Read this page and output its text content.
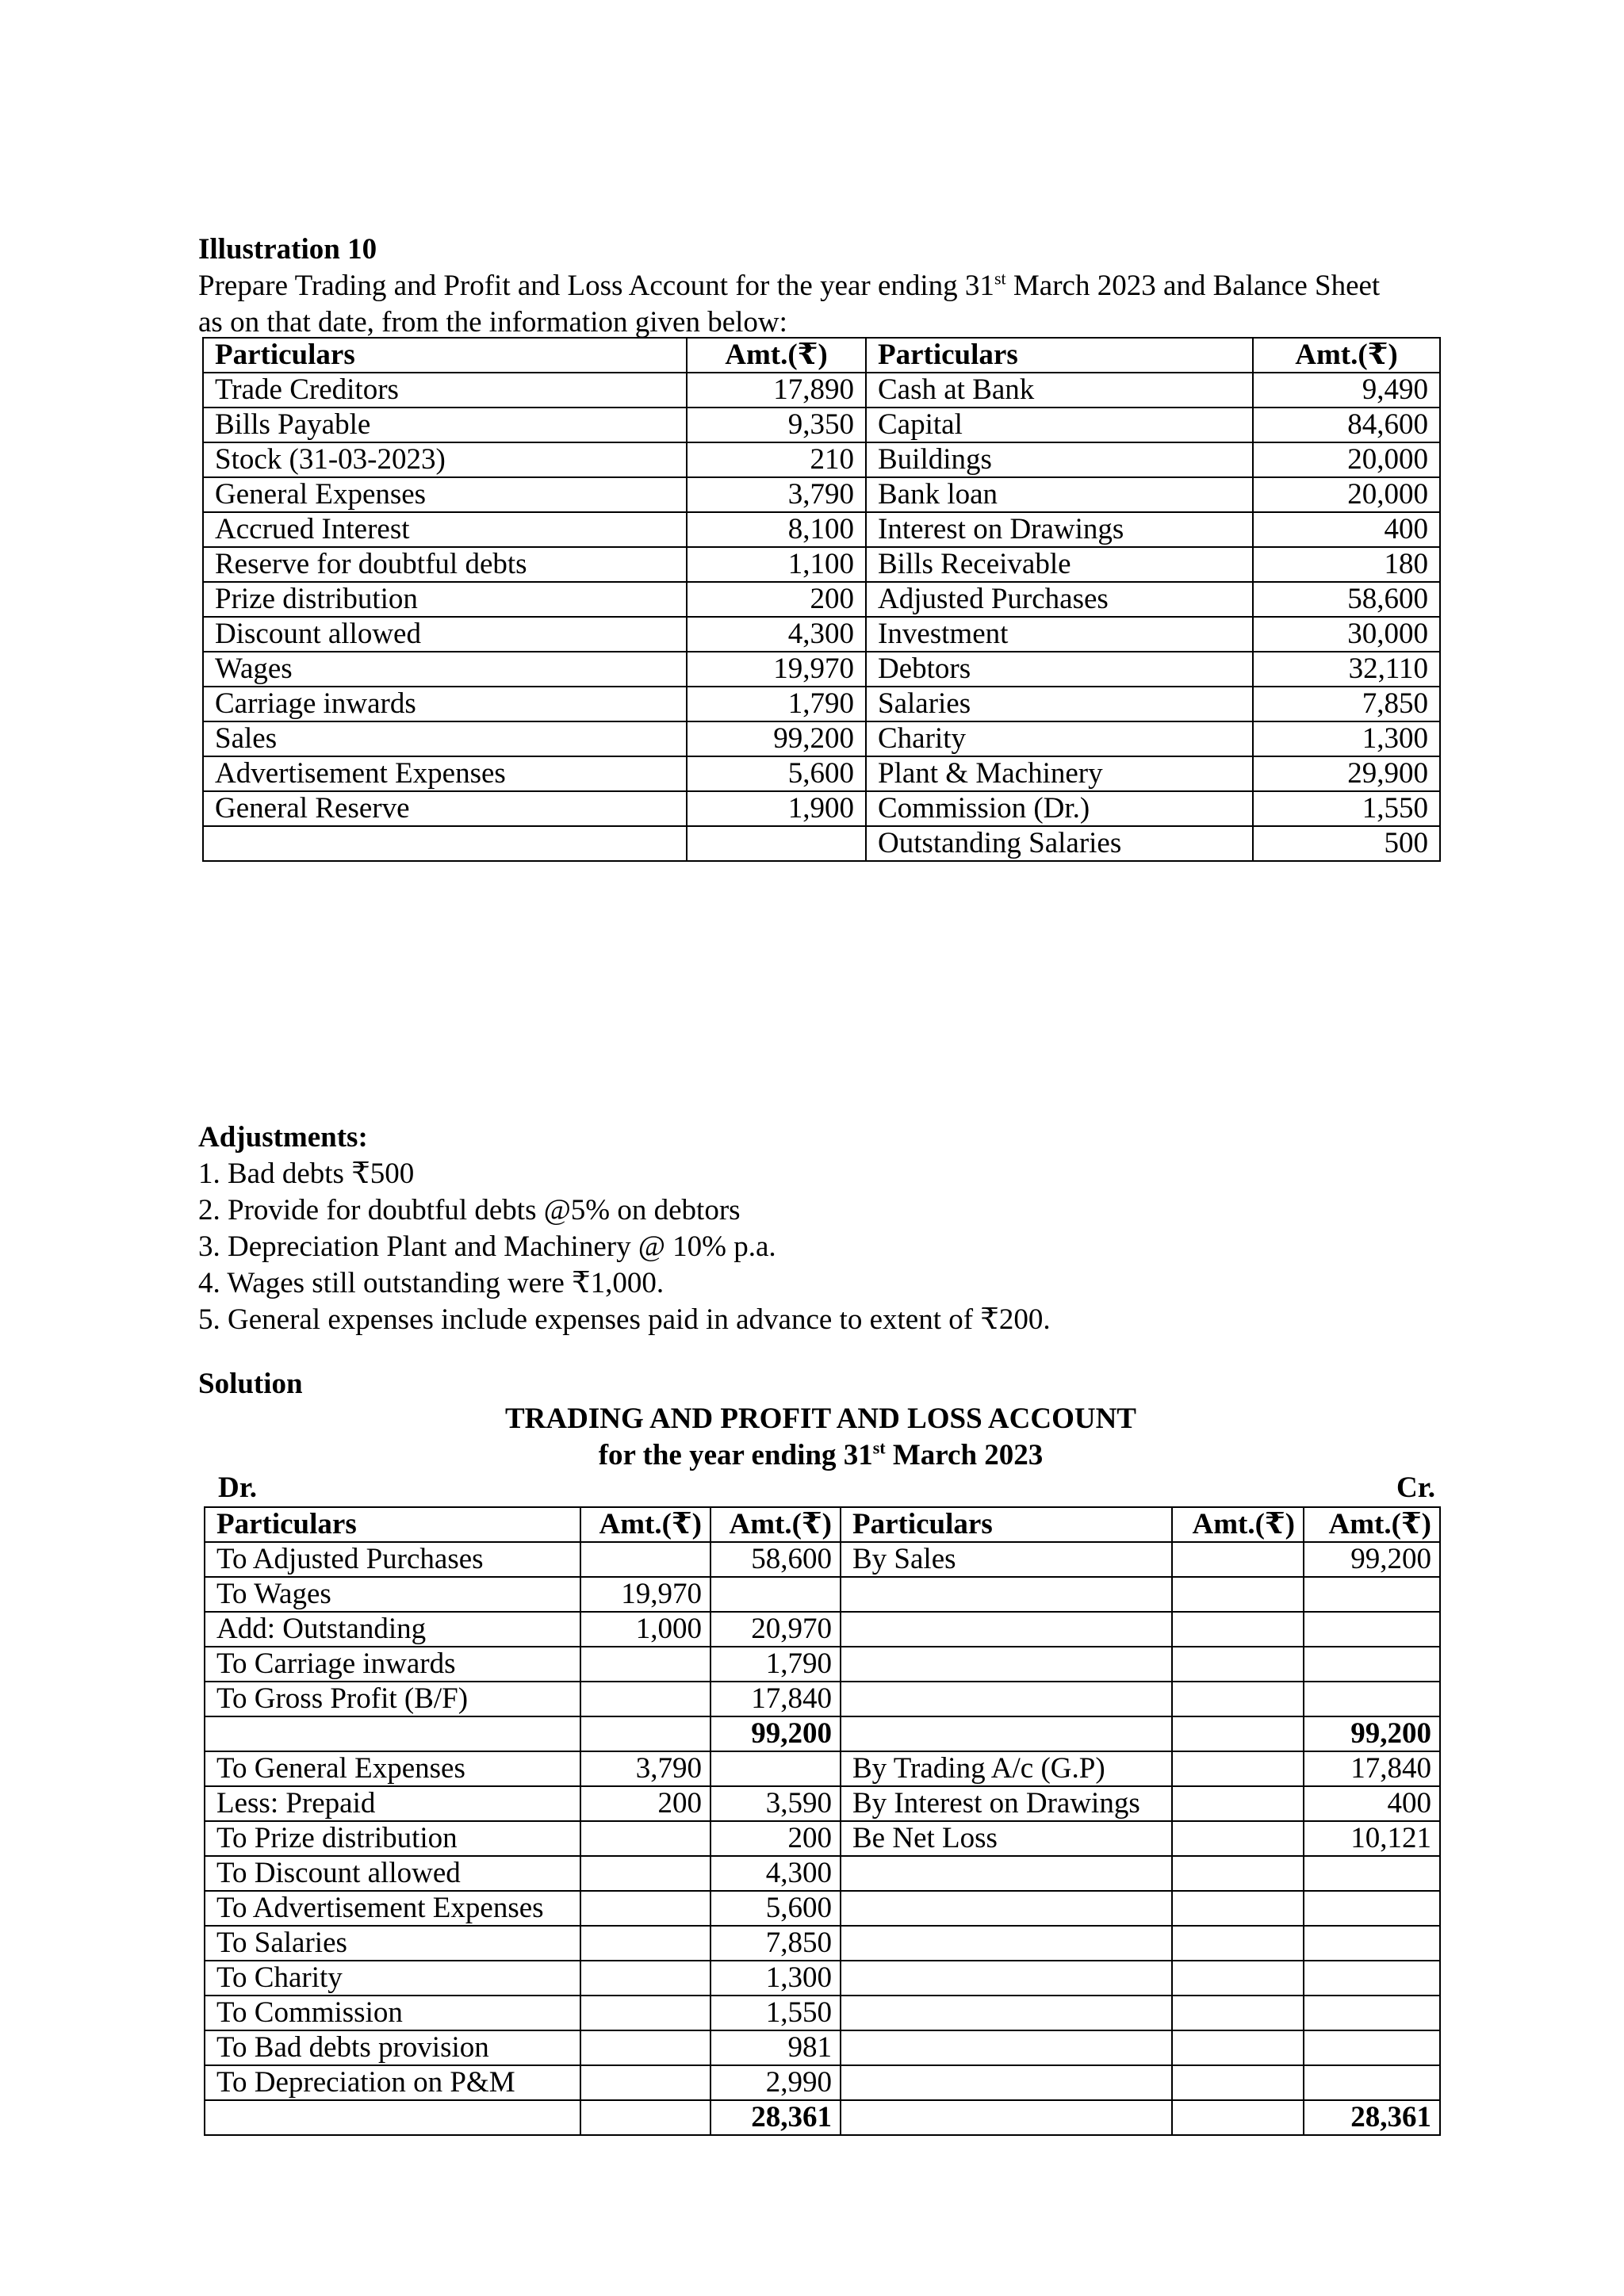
Illustration 10

Prepare Trading and Profit and Loss Account for the year ending 31st March 2023 and Balance Sheet
as on that date, from the information given below:

Particulars	Amt.(₹)	Particulars	Amt.(₹)
Trade Creditors	17,890	Cash at Bank	9,490
Bills Payable	9,350	Capital	84,600
Stock (31-03-2023)	210	Buildings	20,000
General Expenses	3,790	Bank loan	20,000
Accrued Interest	8,100	Interest on Drawings	400
Reserve for doubtful debts	1,100	Bills Receivable	180
Prize distribution	200	Adjusted Purchases	58,600
Discount allowed	4,300	Investment	30,000
Wages	19,970	Debtors	32,110
Carriage inwards	1,790	Salaries	7,850
Sales	99,200	Charity	1,300
Advertisement Expenses	5,600	Plant & Machinery	29,900
General Reserve	1,900	Commission (Dr.)	1,550
		Outstanding Salaries	500
Adjustments:
1. Bad debts ₹500
2. Provide for doubtful debts @5% on debtors
3. Depreciation Plant and Machinery @ 10% p.a.
4. Wages still outstanding were ₹1,000.
5. General expenses include expenses paid in advance to extent of ₹200.
Solution
TRADING AND PROFIT AND LOSS ACCOUNT
for the year ending 31st March 2023
Dr.	Cr.
Particulars	Amt.(₹)	Amt.(₹)	Particulars	Amt.(₹)	Amt.(₹)
To Adjusted Purchases		58,600	By Sales		99,200
To Wages	19,970				
Add: Outstanding	1,000	20,970			
To Carriage inwards		1,790			
To Gross Profit (B/F)		17,840			
		99,200			99,200
To General Expenses	3,790		By Trading A/c (G.P)		17,840
Less: Prepaid	200	3,590	By Interest on Drawings		400
To Prize distribution		200	Be Net Loss		10,121
To Discount allowed		4,300			
To Advertisement Expenses		5,600			
To Salaries		7,850			
To Charity		1,300			
To Commission		1,550			
To Bad debts provision		981			
To Depreciation on P&M		2,990			
		28,361			28,361
